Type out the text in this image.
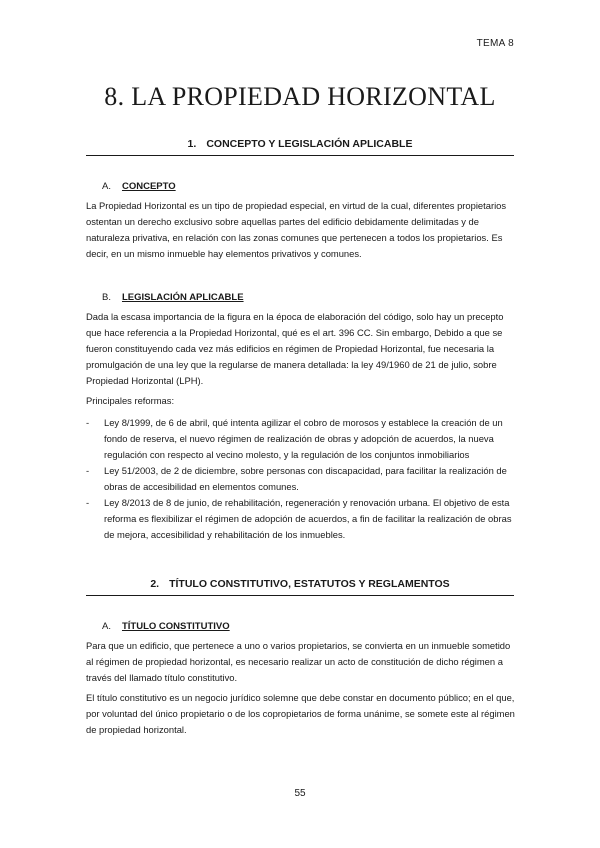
TEMA 8
8. LA PROPIEDAD HORIZONTAL
1. CONCEPTO Y LEGISLACIÓN APLICABLE
A. CONCEPTO

La Propiedad Horizontal es un tipo de propiedad especial, en virtud de la cual, diferentes propietarios ostentan un derecho exclusivo sobre aquellas partes del edificio debidamente delimitadas y de naturaleza privativa, en relación con las zonas comunes que pertenecen a todos los propietarios. Es decir, en un mismo inmueble hay elementos privativos y comunes.

B. LEGISLACIÓN APLICABLE

Dada la escasa importancia de la figura en la época de elaboración del código, solo hay un precepto que hace referencia a la Propiedad Horizontal, qué es el art. 396 CC. Sin embargo, Debido a que se fueron constituyendo cada vez más edificios en régimen de Propiedad Horizontal, fue necesaria la promulgación de una ley que la regularse de manera detallada: la ley 49/1960 de 21 de julio, sobre Propiedad Horizontal (LPH).

Principales reformas:

- Ley 8/1999, de 6 de abril, qué intenta agilizar el cobro de morosos y establece la creación de un fondo de reserva, el nuevo régimen de realización de obras y adopción de acuerdos, la nueva regulación con respecto al vecino molesto, y la regulación de los conjuntos inmobiliarios
- Ley 51/2003, de 2 de diciembre, sobre personas con discapacidad, para facilitar la realización de obras de accesibilidad en elementos comunes.
- Ley 8/2013 de 8 de junio, de rehabilitación, regeneración y renovación urbana. El objetivo de esta reforma es flexibilizar el régimen de adopción de acuerdos, a fin de facilitar la realización de obras de mejora, accesibilidad y rehabilitación de los inmuebles.
2. TÍTULO CONSTITUTIVO, ESTATUTOS Y REGLAMENTOS
A. TÍTULO CONSTITUTIVO

Para que un edificio, que pertenece a uno o varios propietarios, se convierta en un inmueble sometido al régimen de propiedad horizontal, es necesario realizar un acto de constitución de dicho régimen a través del llamado título constitutivo.

El título constitutivo es un negocio jurídico solemne que debe constar en documento público; en el que, por voluntad del único propietario o de los copropietarios de forma unánime, se somete este al régimen de propiedad horizontal.

55
